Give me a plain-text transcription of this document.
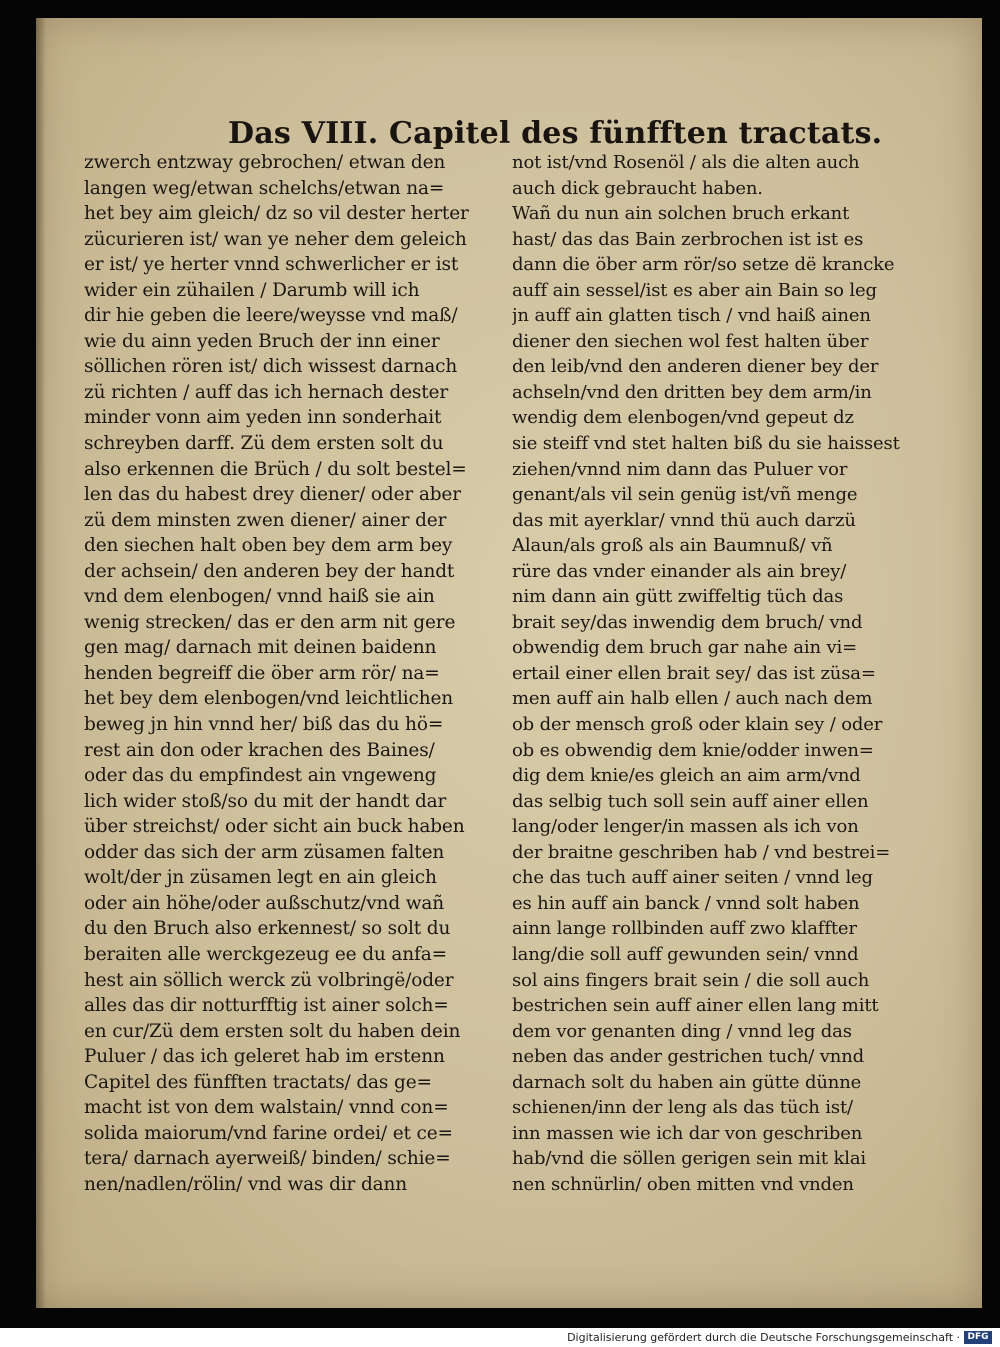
Das VIII. Capitel des fünfften tractats.
zwerch entzway gebrochen/ etwan den
langen weg/etwan schelchs/etwan na=
het bey aim gleich/ dz so vil dester herter
zücurieren ist/ wan ye neher dem geleich
er ist/ ye herter vnnd schwerlicher er ist
wider ein zühailen / Darumb will ich
dir hie geben die leere/weysse vnd maß/
wie du ainn yeden Bruch der inn einer
söllichen rören ist/ dich wissest darnach
zü richten / auff das ich hernach dester
minder vonn aim yeden inn sonderhait
schreyben darff. Zü dem ersten solt du
also erkennen die Brüch / du solt bestel=
len das du habest drey diener/ oder aber
zü dem minsten zwen diener/ ainer der
den siechen halt oben bey dem arm bey
der achsein/ den anderen bey der handt
vnd dem elenbogen/ vnnd haiß sie ain
wenig strecken/ das er den arm nit gere
gen mag/ darnach mit deinen baidenn
henden begreiff die öber arm rör/ na=
het bey dem elenbogen/vnd leichtlichen
beweg jn hin vnnd her/ biß das du hö=
rest ain don oder krachen des Baines/
oder das du empfindest ain vngeweng
lich wider stoß/so du mit der handt dar
über streichst/ oder sicht ain buck haben
odder das sich der arm züsamen falten
wolt/der jn züsamen legt en ain gleich
oder ain höhe/oder außschutz/vnd wañ
du den Bruch also erkennest/ so solt du
beraiten alle werckgezeug ee du anfa=
hest ain söllich werck zü volbringë/oder
alles das dir notturfftig ist ainer solch=
en cur/Zü dem ersten solt du haben dein
Puluer / das ich geleret hab im erstenn
Capitel des fünfften tractats/ das ge=
macht ist von dem walstain/ vnnd con=
solida maiorum/vnd farine ordei/ et ce=
tera/ darnach ayerweiß/ binden/ schie=
nen/nadlen/rölin/ vnd was dir dann
not ist/vnd Rosenöl / als die alten auch
auch dick gebraucht haben.
Wañ du nun ain solchen bruch erkant
hast/ das das Bain zerbrochen ist ist es
dann die öber arm rör/so setze dë krancke
auff ain sessel/ist es aber ain Bain so leg
jn auff ain glatten tisch / vnd haiß ainen
diener den siechen wol fest halten über
den leib/vnd den anderen diener bey der
achseln/vnd den dritten bey dem arm/in
wendig dem elenbogen/vnd gepeut dz
sie steiff vnd stet halten biß du sie haissest
ziehen/vnnd nim dann das Puluer vor
genant/als vil sein genüg ist/vñ menge
das mit ayerklar/ vnnd thü auch darzü
Alaun/als groß als ain Baumnuß/ vñ
rüre das vnder einander als ain brey/
nim dann ain gütt zwiffeltig tüch das
brait sey/das inwendig dem bruch/ vnd
obwendig dem bruch gar nahe ain vi=
ertail einer ellen brait sey/ das ist züsa=
men auff ain halb ellen / auch nach dem
ob der mensch groß oder klain sey / oder
ob es obwendig dem knie/odder inwen=
dig dem knie/es gleich an aim arm/vnd
das selbig tuch soll sein auff ainer ellen
lang/oder lenger/in massen als ich von
der braitne geschriben hab / vnd bestrei=
che das tuch auff ainer seiten / vnnd leg
es hin auff ain banck / vnnd solt haben
ainn lange rollbinden auff zwo klaffter
lang/die soll auff gewunden sein/ vnnd
sol ains fingers brait sein / die soll auch
bestrichen sein auff ainer ellen lang mitt
dem vor genanten ding / vnnd leg das
neben das ander gestrichen tuch/ vnnd
darnach solt du haben ain gütte dünne
schienen/inn der leng als das tüch ist/
inn massen wie ich dar von geschriben
hab/vnd die söllen gerigen sein mit klai
nen schnürlin/ oben mitten vnd vnden
Digitalisierung gefördert durch die Deutsche Forschungsgemeinschaft · DFG
